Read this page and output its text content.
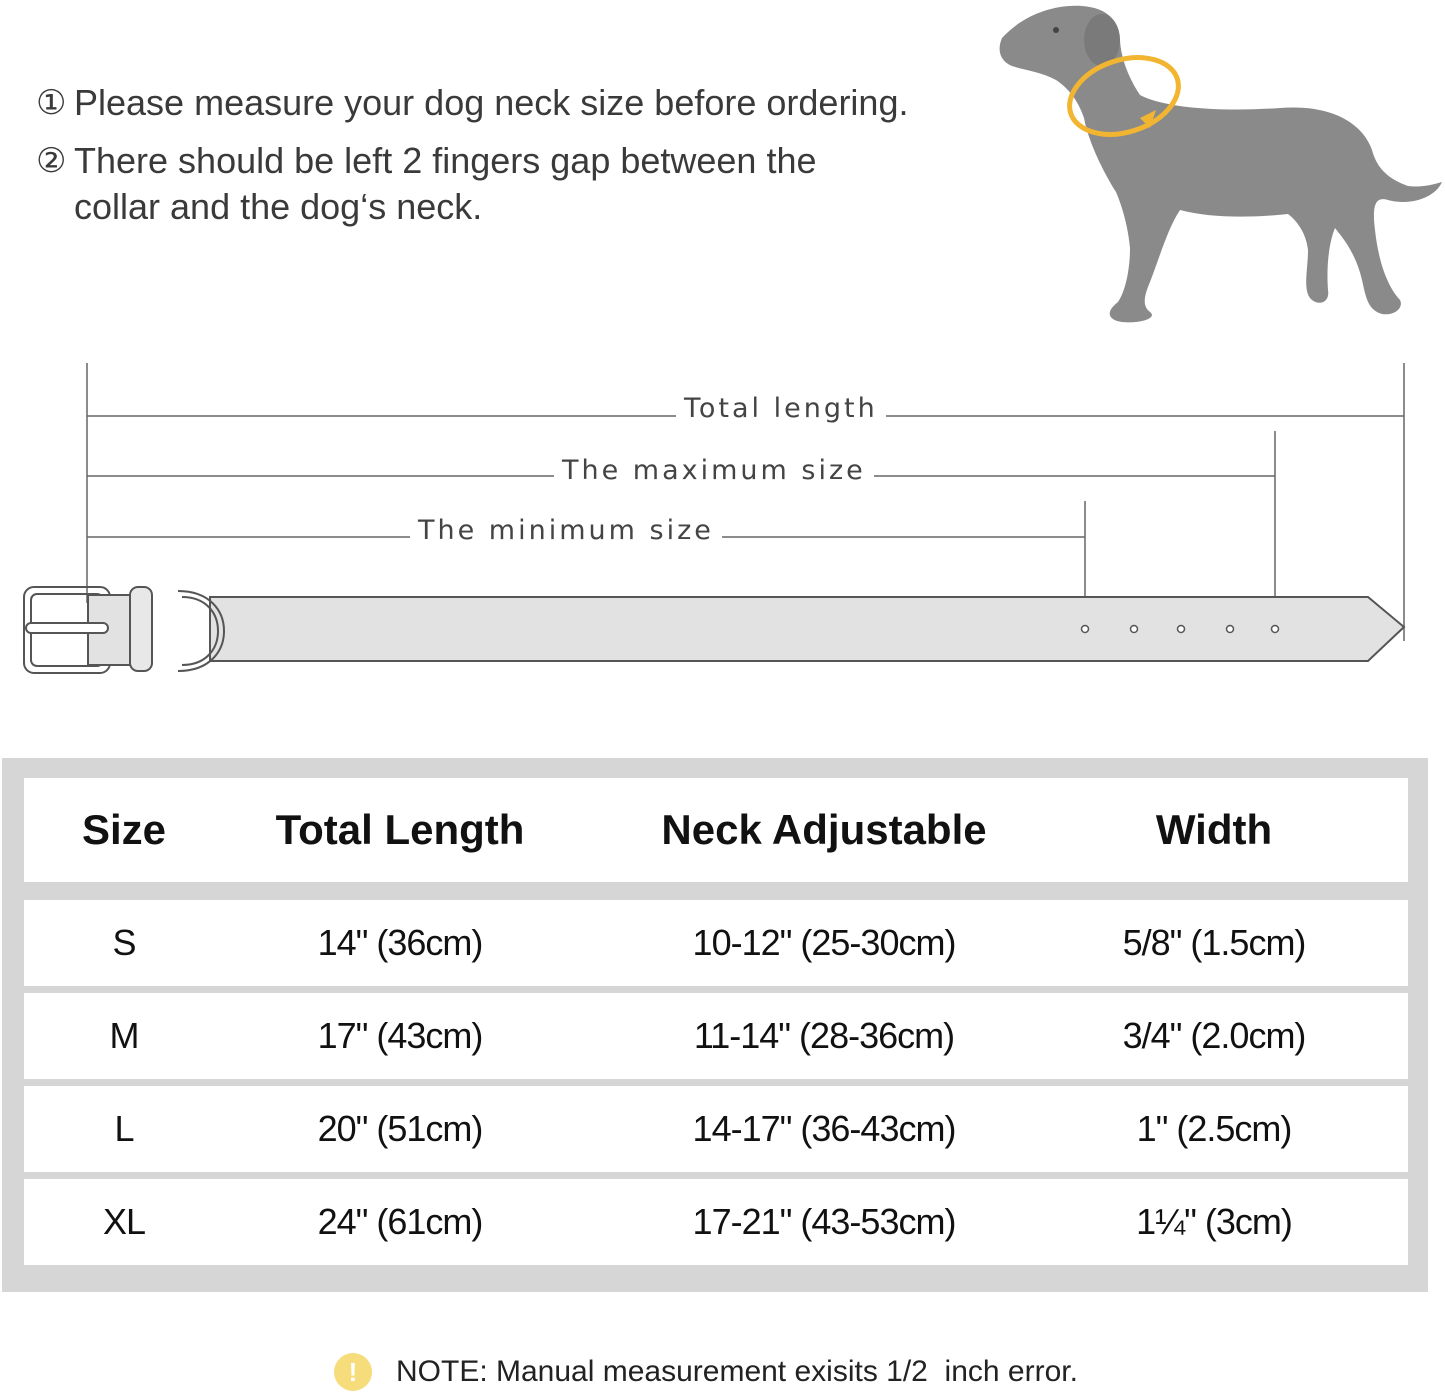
① Please measure your dog neck size before ordering.
② There should be left 2 fingers gap between the collar and the dog‘s neck.
Total length
The maximum size
The minimum size
Size	Total Length	Neck Adjustable	Width
S	14" (36cm)	10-12" (25-30cm)	5/8" (1.5cm)
M	17" (43cm)	11-14" (28-36cm)	3/4" (2.0cm)
L	20" (51cm)	14-17" (36-43cm)	1" (2.5cm)
XL	24" (61cm)	17-21" (43-53cm)	1¼" (3cm)
!	NOTE: Manual measurement exisits 1/2  inch error.
